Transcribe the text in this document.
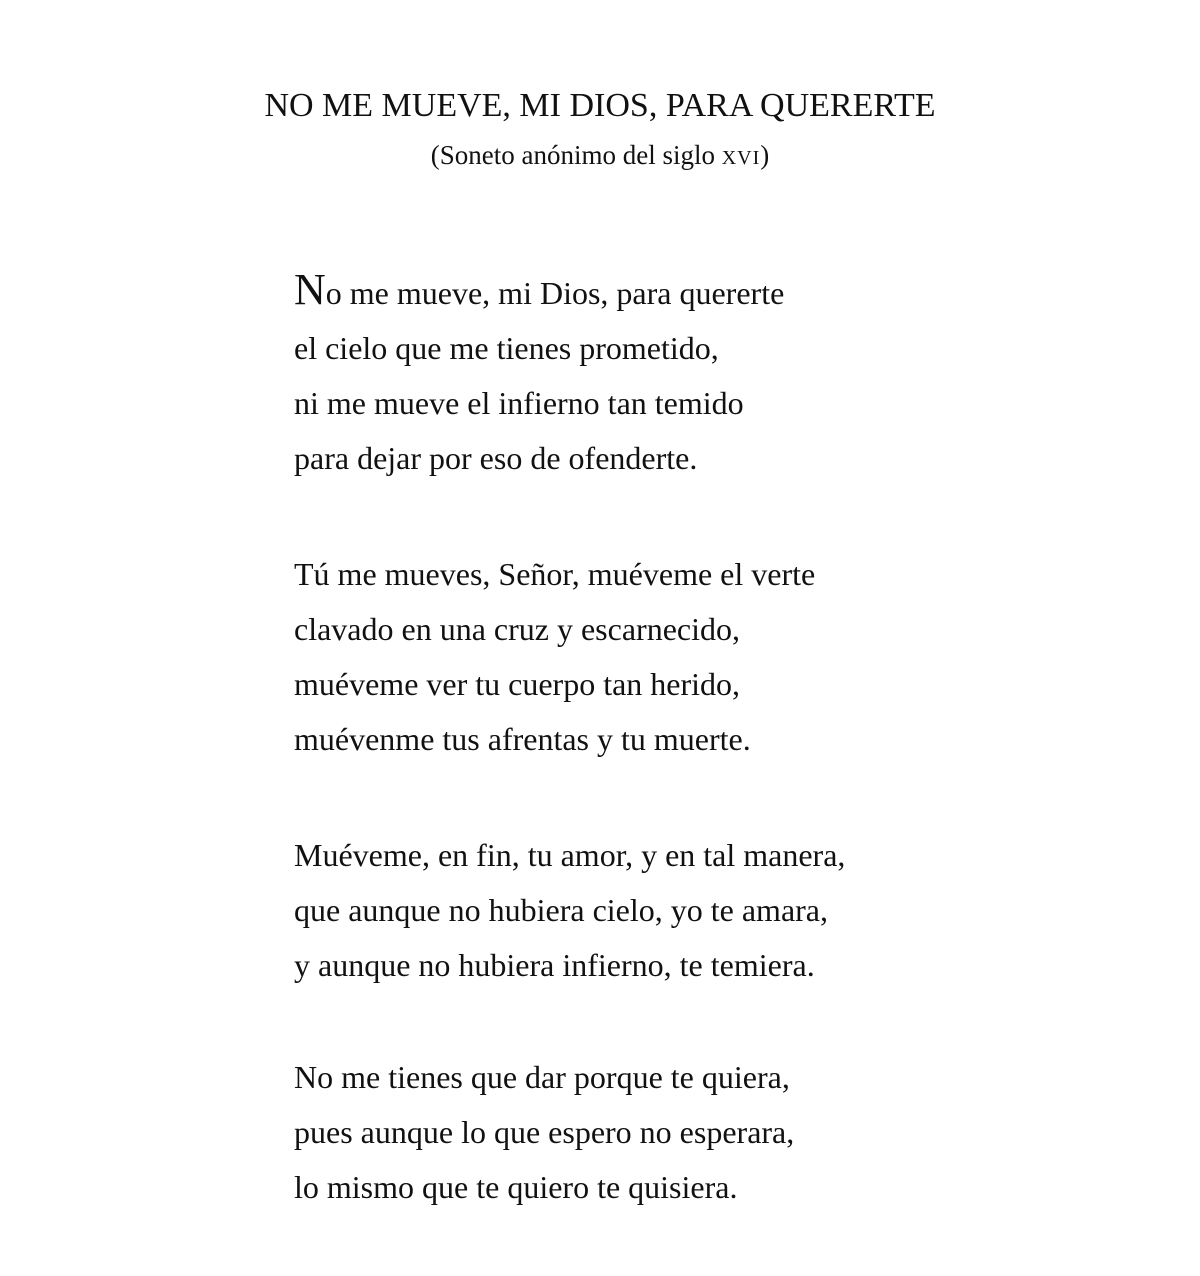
NO ME MUEVE, MI DIOS, PARA QUERERTE
(Soneto anónimo del siglo XVI)
No me mueve, mi Dios, para quererte
el cielo que me tienes prometido,
ni me mueve el infierno tan temido
para dejar por eso de ofenderte.
Tú me mueves, Señor, muéveme el verte
clavado en una cruz y escarnecido,
muéveme ver tu cuerpo tan herido,
muévenme tus afrentas y tu muerte.
Muéveme, en fin, tu amor, y en tal manera,
que aunque no hubiera cielo, yo te amara,
y aunque no hubiera infierno, te temiera.
No me tienes que dar porque te quiera,
pues aunque lo que espero no esperara,
lo mismo que te quiero te quisiera.
